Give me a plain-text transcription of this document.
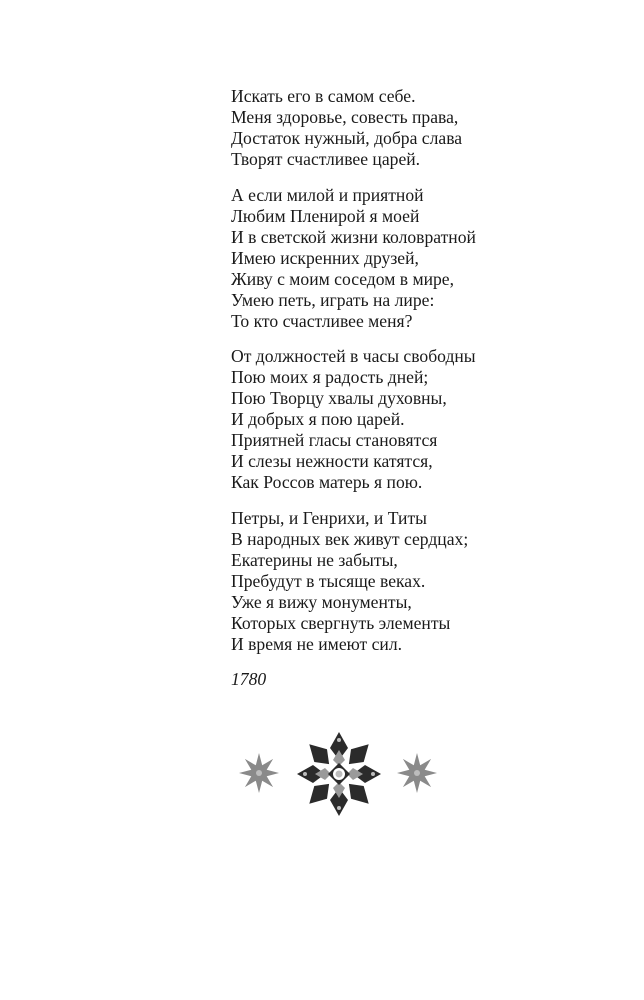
Искать его в самом себе.
Меня здоровье, совесть права,
Достаток нужный, добра слава
Творят счастливее царей.
А если милой и приятной
Любим Пленирой я моей
И в светской жизни коловратной
Имею искренних друзей,
Живу с моим соседом в мире,
Умею петь, играть на лире:
То кто счастливее меня?
От должностей в часы свободны
Пою моих я радость дней;
Пою Творцу хвалы духовны,
И добрых я пою царей.
Приятней гласы становятся
И слезы нежности катятся,
Как Россов матерь я пою.
Петры, и Генрихи, и Титы
В народных век живут сердцах;
Екатерины не забыты,
Пребудут в тысяще веках.
Уже я вижу монументы,
Которых свергнуть элементы
И время не имеют сил.
1780
